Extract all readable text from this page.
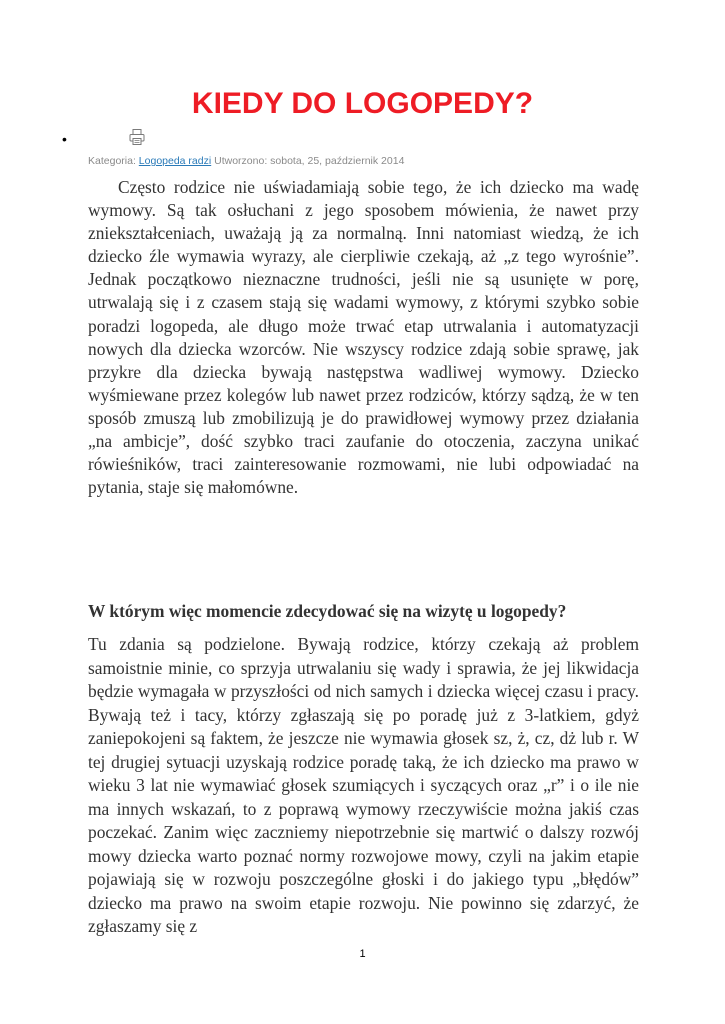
KIEDY DO LOGOPEDY?
•
Kategoria: Logopeda radzi Utworzono: sobota, 25, październik 2014

Często rodzice nie uświadamiają sobie tego, że ich dziecko ma wadę wymowy. Są tak osłuchani z jego sposobem mówienia, że nawet przy zniekształceniach, uważają ją za normalną. Inni natomiast wiedzą, że ich dziecko źle wymawia wyrazy, ale cierpliwie czekają, aż „z tego wyrośnie”. Jednak początkowo nieznaczne trudności, jeśli nie są usunięte w porę, utrwalają się i z czasem stają się wadami wymowy, z którymi szybko sobie poradzi logopeda, ale długo może trwać etap utrwalania i automatyzacji nowych dla dziecka wzorców. Nie wszyscy rodzice zdają sobie sprawę, jak przykre dla dziecka bywają następstwa wadliwej wymowy. Dziecko wyśmiewane przez kolegów lub nawet przez rodziców, którzy sądzą, że w ten sposób zmuszą lub zmobilizują je do prawidłowej wymowy przez działania „na ambicje”, dość szybko traci zaufanie do otoczenia, zaczyna unikać rówieśników, traci zainteresowanie rozmowami, nie lubi odpowiadać na pytania, staje się małomówne.

W którym więc momencie zdecydować się na wizytę u logopedy?

Tu zdania są podzielone. Bywają rodzice, którzy czekają aż problem samoistnie minie, co sprzyja utrwalaniu się wady i sprawia, że jej likwidacja będzie wymagała w przyszłości od nich samych i dziecka więcej czasu i pracy. Bywają też i tacy, którzy zgłaszają się po poradę już z 3-latkiem, gdyż zaniepokojeni są faktem, że jeszcze nie wymawia głosek sz, ż, cz, dż lub r. W tej drugiej sytuacji uzyskają rodzice poradę taką, że ich dziecko ma prawo w wieku 3 lat nie wymawiać głosek szumiących i syczących oraz „r” i o ile nie ma innych wskazań, to z poprawą wymowy rzeczywiście można jakiś czas poczekać. Zanim więc zaczniemy niepotrzebnie się martwić o dalszy rozwój mowy dziecka warto poznać normy rozwojowe mowy, czyli na jakim etapie pojawiają się w rozwoju poszczególne głoski i do jakiego typu „błędów” dziecko ma prawo na swoim etapie rozwoju. Nie powinno się zdarzyć, że zgłaszamy się z

1
